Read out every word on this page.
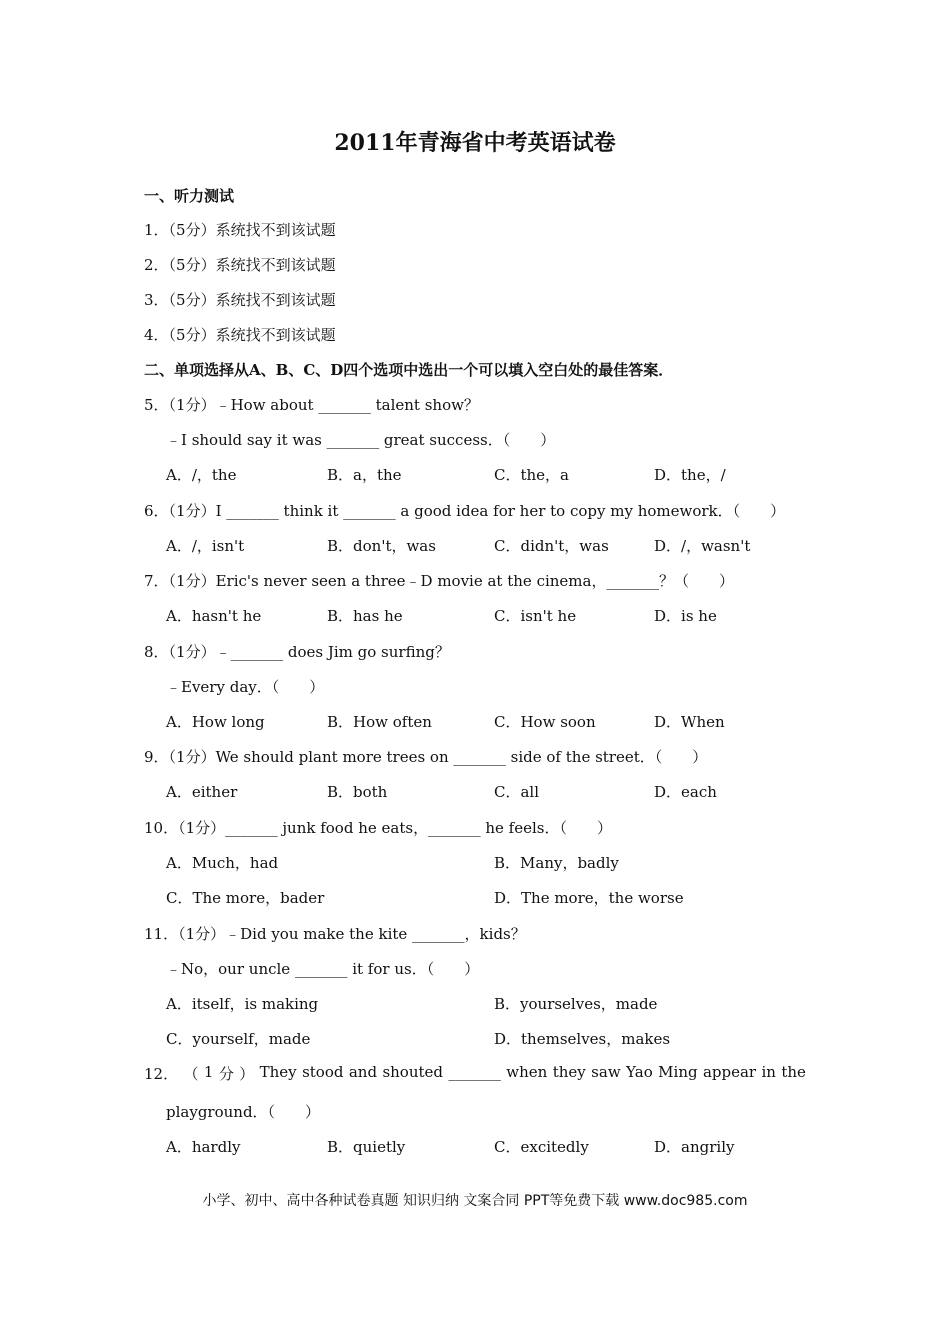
2011年青海省中考英语试卷
一、听力测试
1．（5分）系统找不到该试题
2．（5分）系统找不到该试题
3．（5分）系统找不到该试题
4．（5分）系统找不到该试题
二、单项选择从A、B、C、D四个选项中选出一个可以填入空白处的最佳答案．
5．（1分）﹣How about _______ talent show？
﹣I should say it was _______ great success．（　　）
A．/，the	B．a，the	C．the，a	D．the，/
6．（1分）I _______ think it _______ a good idea for her to copy my homework．（　　）
A．/，isn't	B．don't，was	C．didn't，was	D．/，wasn't
7．（1分）Eric's never seen a three﹣D movie at the cinema，_______？（　　）
A．hasn't he	B．has he	C．isn't he	D．is he
8．（1分）﹣_______ does Jim go surfing？
﹣Every day．（　　）
A．How long	B．How often	C．How soon	D．When
9．（1分）We should plant more trees on _______ side of the street．（　　）
A．either	B．both	C．all	D．each
10．（1分）_______ junk food he eats，_______ he feels．（　　）
A．Much，had	B．Many，badly
C．The more，bader	D．The more，the worse
11．（1分）﹣Did you make the kite _______，kids？
﹣No，our uncle _______ it for us．（　　）
A．itself，is making	B．yourselves，made
C．yourself，made	D．themselves，makes
12． （ 1 分 ） They stood and shouted _______ when they saw Yao Ming appear in the
playground．（　　）
A．hardly	B．quietly	C．excitedly	D．angrily
小学、初中、高中各种试卷真题 知识归纳 文案合同 PPT等免费下载 www.doc985.com
